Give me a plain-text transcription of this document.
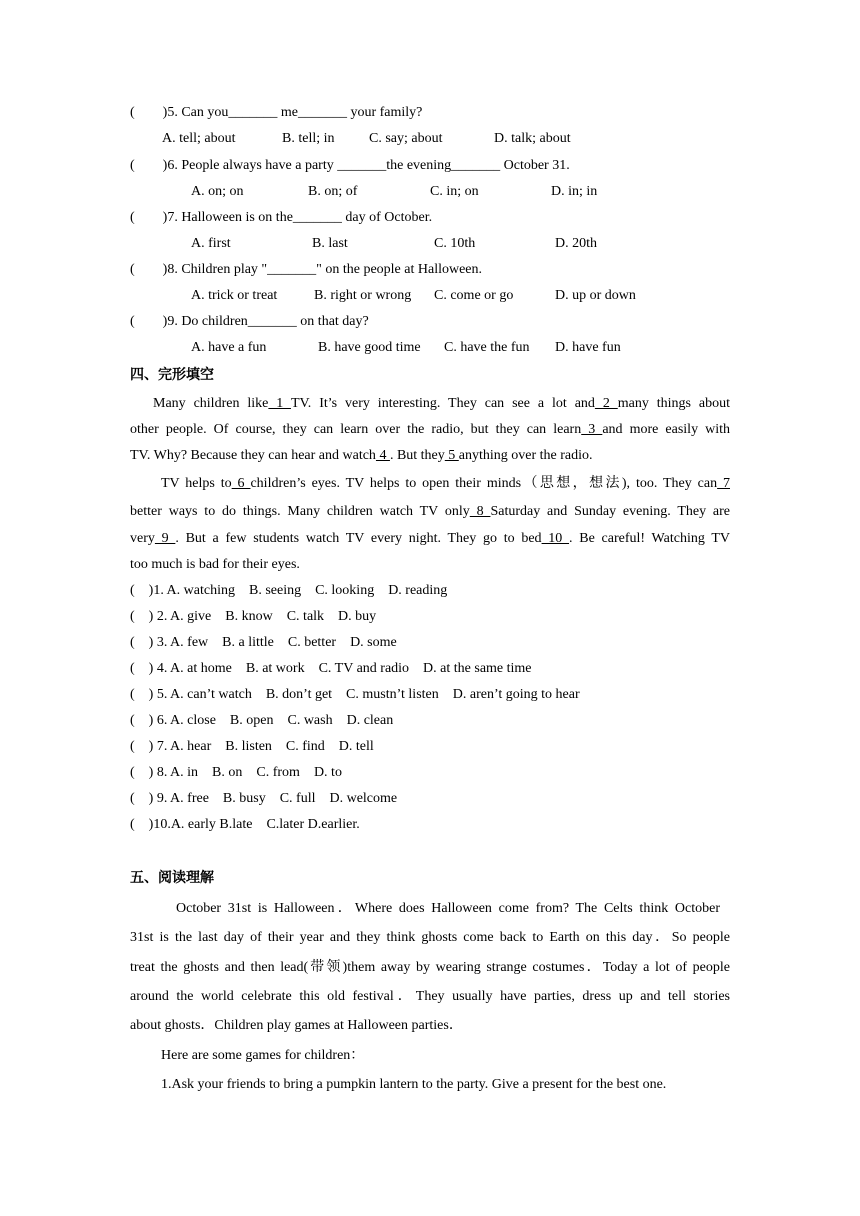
(        )5. Can you_______ me_______ your family?
A. tell; about	B. tell; in C. say; about	D. talk; about
(        )6. People always have a party _______the evening_______ October 31.
A. on; on	B. on; of	C. in; on	D. in; in
(        )7. Halloween is on the_______ day of October.
A. first	B. last	C. 10th	D. 20th
(        )8. Children play "_______" on the people at Halloween.
A. trick or treat	B. right or wrong C. come or go	D. up or down
(        )9. Do children_______ on that day?
A. have a fun	B. have good time C. have the fun D. have fun
四、完形填空
Many children like 1 TV. It’s very interesting. They can see a lot and 2 many things about
other people. Of course, they can learn over the radio, but they can learn 3 and more easily with
TV. Why? Because they can hear and watch 4 . But they 5 anything over the radio.
TV helps to 6 children’s eyes. TV helps to open their minds（思想，想法), too. They can 7
better ways to do things. Many children watch TV only 8 Saturday and Sunday evening. They are
very 9 . But a few students watch TV every night. They go to bed 10 . Be careful! Watching TV
too much is bad for their eyes.
(    )1. A. watching    B. seeing    C. looking    D. reading
(    ) 2. A. give    B. know    C. talk    D. buy
(    ) 3. A. few    B. a little    C. better    D. some
(    ) 4. A. at home    B. at work    C. TV and radio    D. at the same time
(    ) 5. A. can’t watch    B. don’t get    C. mustn’t listen    D. aren’t going to hear
(    ) 6. A. close    B. open    C. wash    D. clean
(    ) 7. A. hear    B. listen    C. find    D. tell
(    ) 8. A. in    B. on    C. from    D. to
(    ) 9. A. free    B. busy    C. full    D. welcome
(    )10.A. early B.late    C.later D.earlier.
五、阅读理解
October 31st is Halloween．Where does Halloween come from? The Celts think October
31st is the last day of their year and they think ghosts come back to Earth on this day．So people
treat the ghosts and then lead(带领)them away by wearing strange costumes．Today a lot of people
around the world celebrate this old festival．They usually have parties, dress up and tell stories
about ghosts．Children play games at Halloween parties．
Here are some games for children：
1.Ask your friends to bring a pumpkin lantern to the party. Give a present for the best one.
